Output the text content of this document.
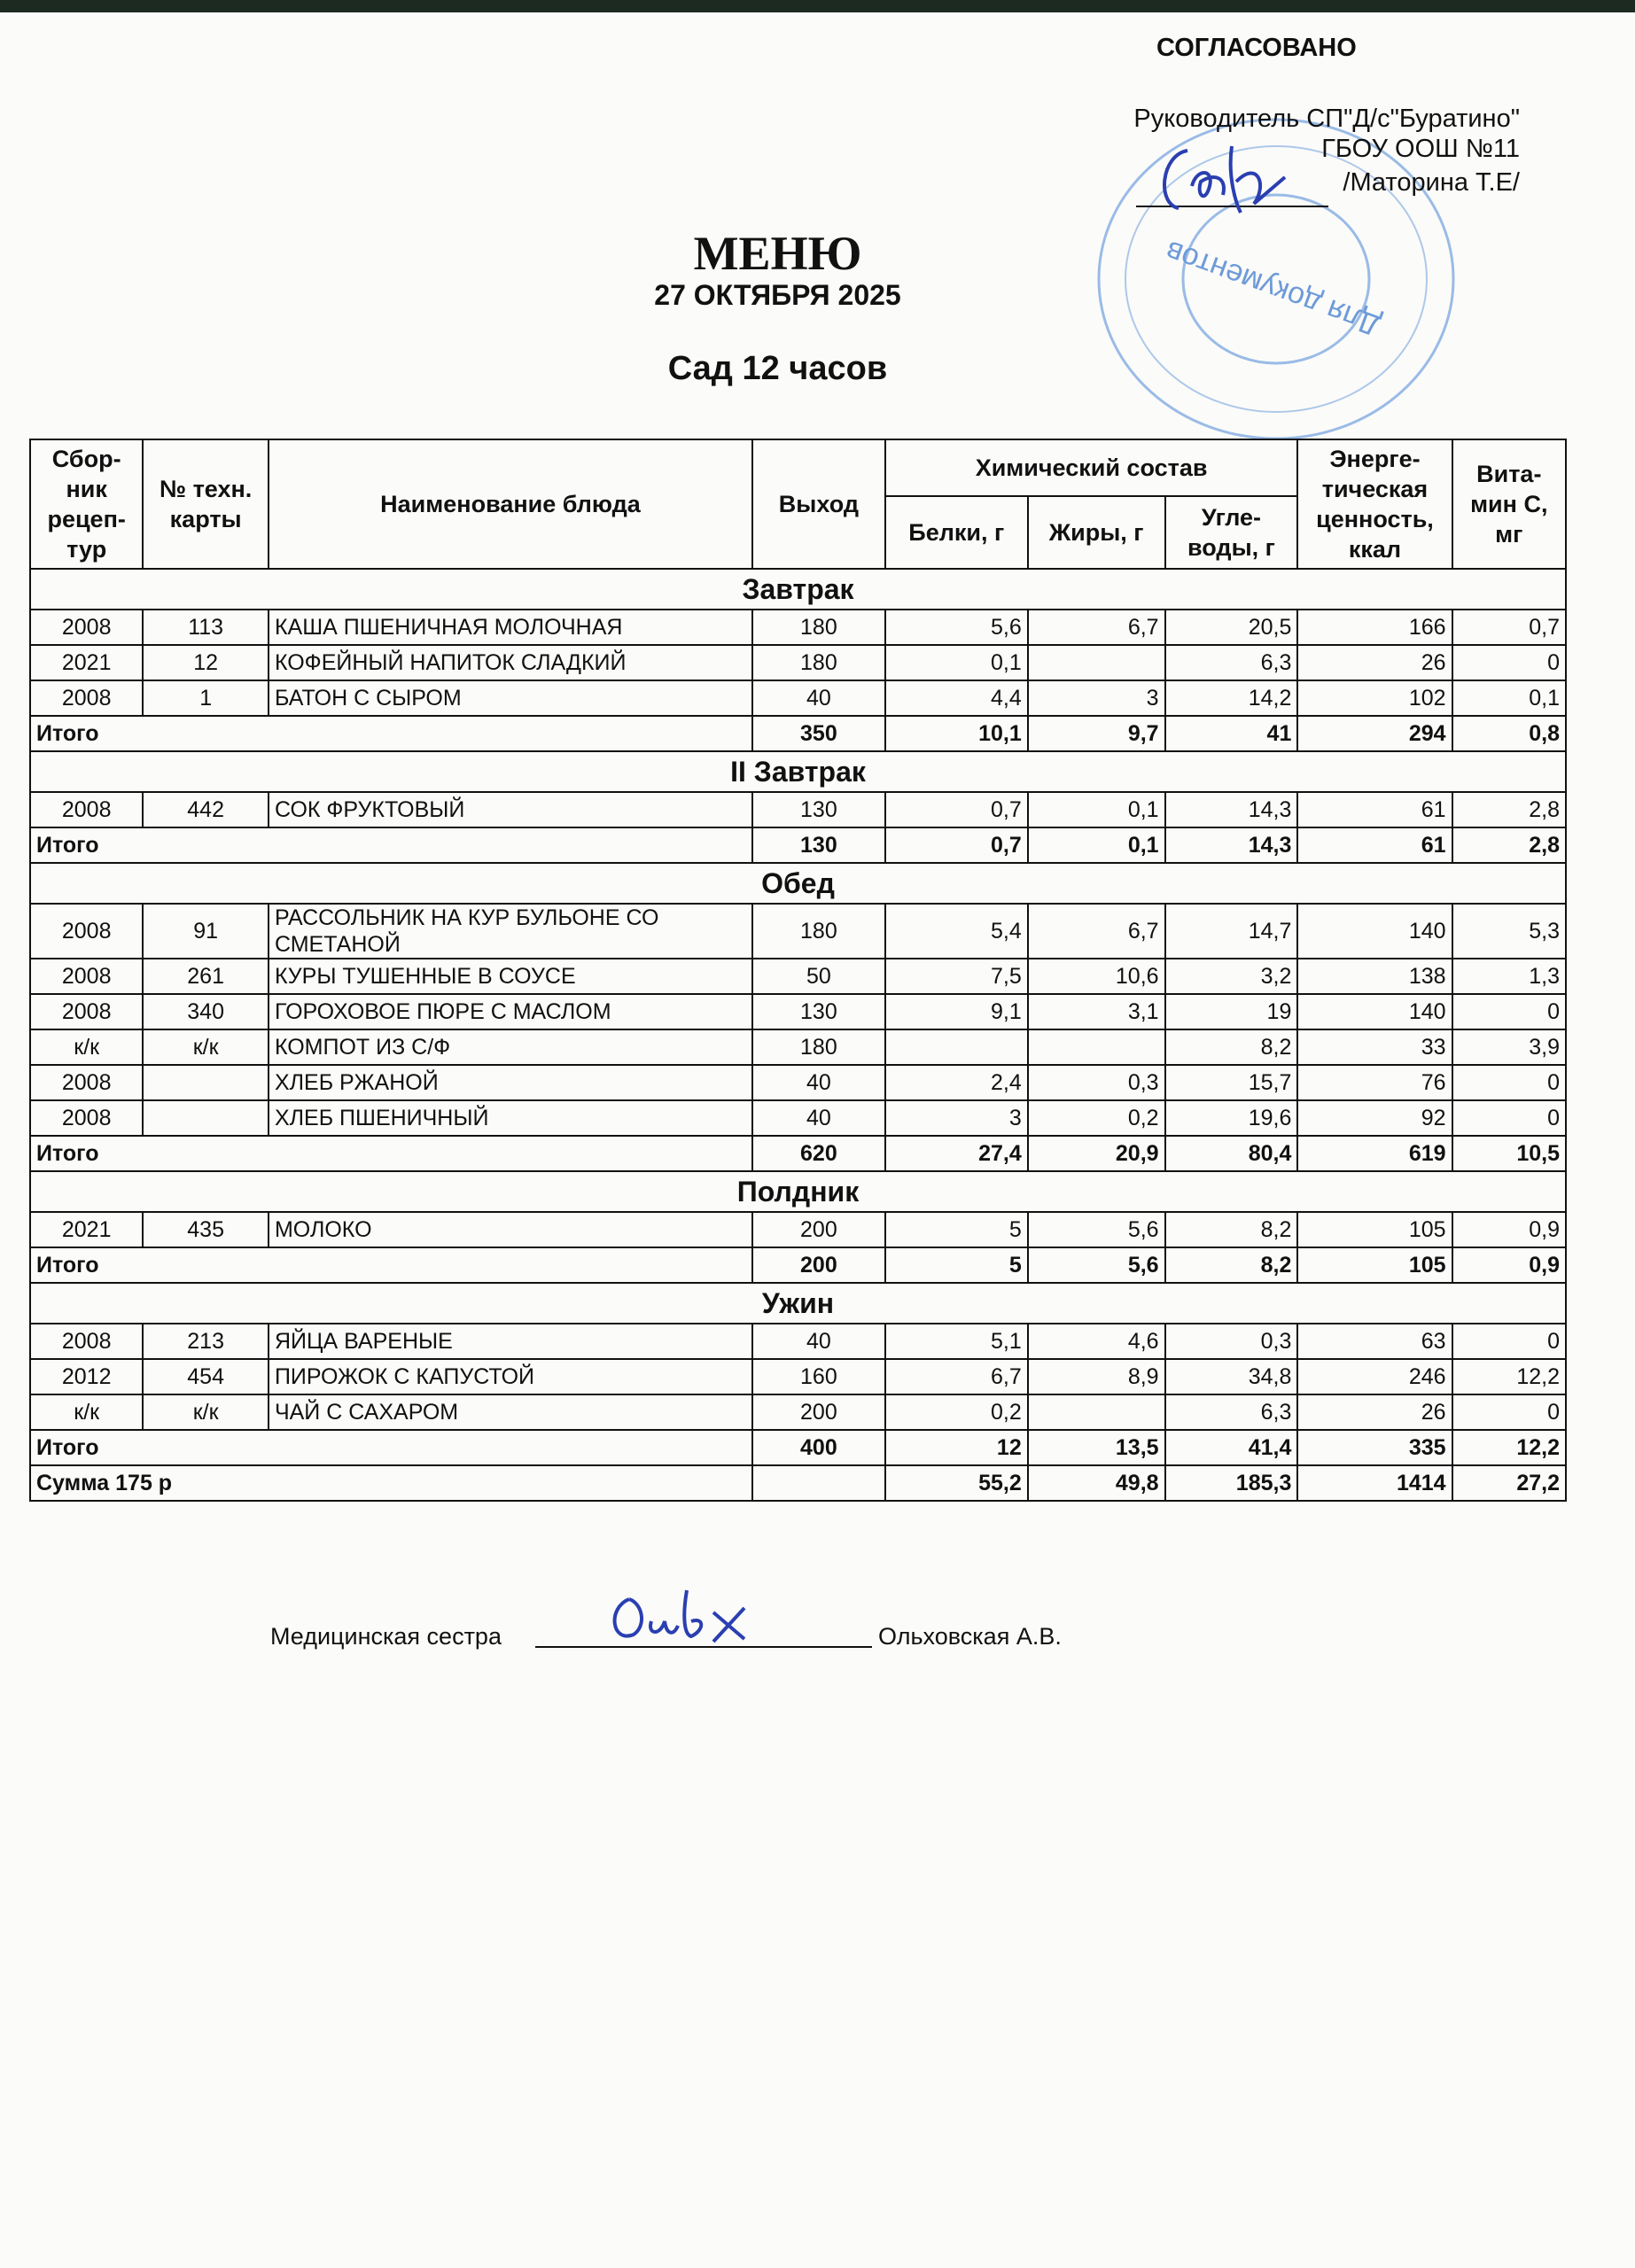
Для документов
СОГЛАСОВАНО
Руководитель СП"Д/с"Буратино"
ГБОУ ООШ №11
/Маторина Т.Е/
МЕНЮ
27 ОКТЯБРЯ 2025
Сад 12 часов
Сбор-ник рецеп-тур	№ техн. карты	Наименование блюда	Выход	Химический состав			Энерге-тическая ценность, ккал	Вита-мин С, мг
				Белки, г	Жиры, г	Угле-воды, г		
Завтрак								
2008	113	КАША ПШЕНИЧНАЯ МОЛОЧНАЯ	180	5,6	6,7	20,5	166	0,7
2021	12	КОФЕЙНЫЙ НАПИТОК СЛАДКИЙ	180	0,1		6,3	26	0
2008	1	БАТОН С СЫРОМ	40	4,4	3	14,2	102	0,1
Итого			350	10,1	9,7	41	294	0,8
II Завтрак								
2008	442	СОК ФРУКТОВЫЙ	130	0,7	0,1	14,3	61	2,8
Итого			130	0,7	0,1	14,3	61	2,8
Обед								
2008	91	РАССОЛЬНИК НА КУР БУЛЬОНЕ СО СМЕТАНОЙ	180	5,4	6,7	14,7	140	5,3
2008	261	КУРЫ ТУШЕННЫЕ В СОУСЕ	50	7,5	10,6	3,2	138	1,3
2008	340	ГОРОХОВОЕ ПЮРЕ С МАСЛОМ	130	9,1	3,1	19	140	0
к/к	к/к	КОМПОТ ИЗ С/Ф	180			8,2	33	3,9
2008		ХЛЕБ РЖАНОЙ	40	2,4	0,3	15,7	76	0
2008		ХЛЕБ ПШЕНИЧНЫЙ	40	3	0,2	19,6	92	0
Итого			620	27,4	20,9	80,4	619	10,5
Полдник								
2021	435	МОЛОКО	200	5	5,6	8,2	105	0,9
Итого			200	5	5,6	8,2	105	0,9
Ужин								
2008	213	ЯЙЦА ВАРЕНЫЕ	40	5,1	4,6	0,3	63	0
2012	454	ПИРОЖОК С КАПУСТОЙ	160	6,7	8,9	34,8	246	12,2
к/к	к/к	ЧАЙ С САХАРОМ	200	0,2		6,3	26	0
Итого			400	12	13,5	41,4	335	12,2
Сумма 175 р				55,2	49,8	185,3	1414	27,2
Медицинская сестра	Ольховская А.В.
